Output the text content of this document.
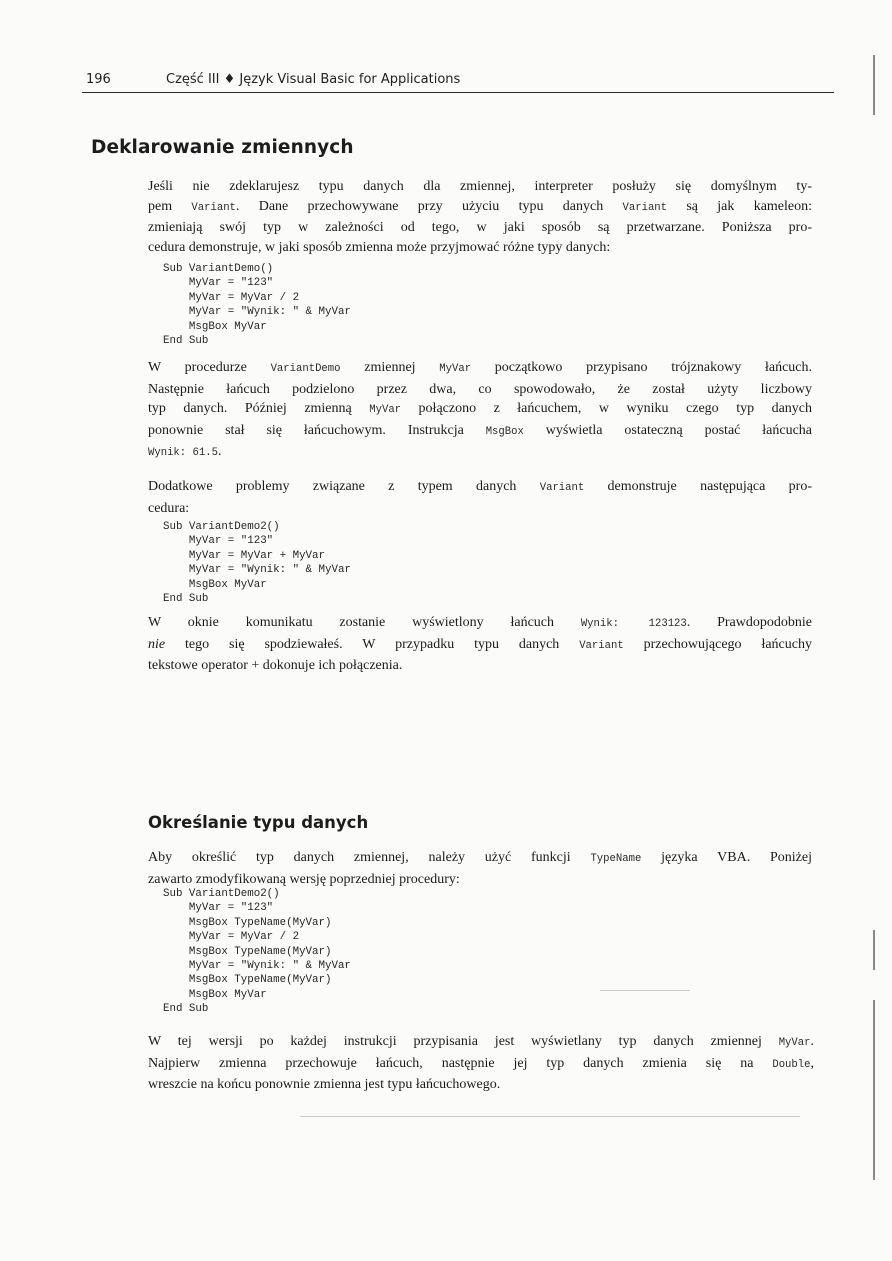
196	Część III ♦ Język Visual Basic for Applications
Deklarowanie zmiennych
Jeśli nie zdeklarujesz typu danych dla zmiennej, interpreter posłuży się domyślnym ty-
pem Variant. Dane przechowywane przy użyciu typu danych Variant są jak kameleon:
zmieniają swój typ w zależności od tego, w jaki sposób są przetwarzane. Poniższa pro-
cedura demonstruje, w jaki sposób zmienna może przyjmować różne typy danych:
Sub VariantDemo()
MyVar = "123"
MyVar = MyVar / 2
MyVar = "Wynik: " & MyVar
MsgBox MyVar
End Sub
W procedurze VariantDemo zmiennej MyVar początkowo przypisano trójznakowy łańcuch.
Następnie łańcuch podzielono przez dwa, co spowodowało, że został użyty liczbowy
typ danych. Później zmienną MyVar połączono z łańcuchem, w wyniku czego typ danych
ponownie stał się łańcuchowym. Instrukcja MsgBox wyświetla ostateczną postać łańcucha
Wynik: 61.5.
Dodatkowe problemy związane z typem danych Variant demonstruje następująca pro-
cedura:
Sub VariantDemo2()
MyVar = "123"
MyVar = MyVar + MyVar
MyVar = "Wynik: " & MyVar
MsgBox MyVar
End Sub
W oknie komunikatu zostanie wyświetlony łańcuch Wynik: 123123. Prawdopodobnie
nie tego się spodziewałeś. W przypadku typu danych Variant przechowującego łańcuchy
tekstowe operator + dokonuje ich połączenia.
Określanie typu danych
Aby określić typ danych zmiennej, należy użyć funkcji TypeName języka VBA. Poniżej
zawarto zmodyfikowaną wersję poprzedniej procedury:
Sub VariantDemo2()
MyVar = "123"
MsgBox TypeName(MyVar)
MyVar = MyVar / 2
MsgBox TypeName(MyVar)
MyVar = "Wynik: " & MyVar
MsgBox TypeName(MyVar)
MsgBox MyVar
End Sub
W tej wersji po każdej instrukcji przypisania jest wyświetlany typ danych zmiennej MyVar.
Najpierw zmienna przechowuje łańcuch, następnie jej typ danych zmienia się na Double,
wreszcie na końcu ponownie zmienna jest typu łańcuchowego.
